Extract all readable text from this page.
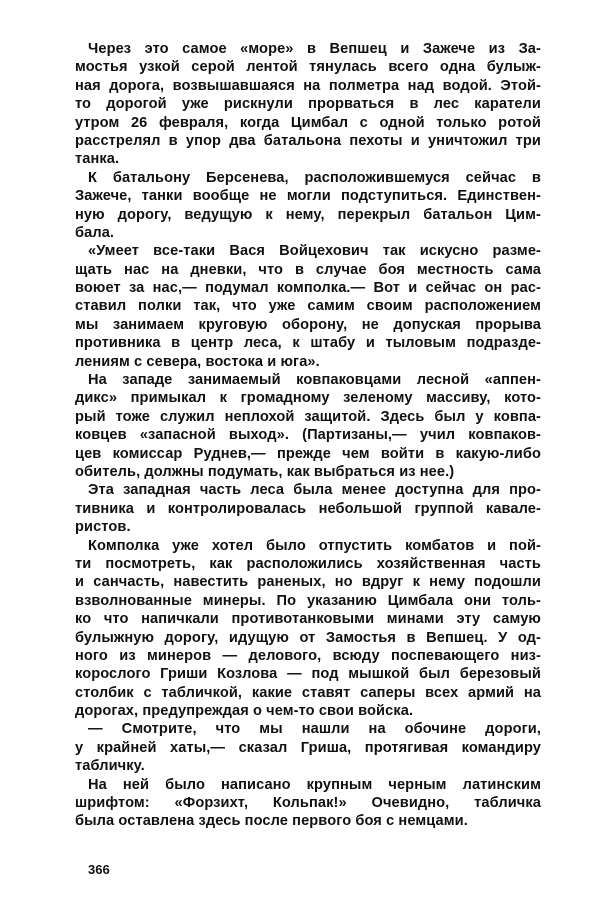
Через это самое «море» в Вепшец и Зажече из За-
мостья узкой серой лентой тянулась всего одна булыж-
ная дорога, возвышавшаяся на полметра над водой. Этой-
то дорогой уже рискнули прорваться в лес каратели
утром 26 февраля, когда Цимбал с одной только ротой
расстрелял в упор два батальона пехоты и уничтожил три
танка.
К батальону Берсенева, расположившемуся сейчас в
Зажече, танки вообще не могли подступиться. Единствен-
ную дорогу, ведущую к нему, перекрыл батальон Цим-
бала.
«Умеет все-таки Вася Войцехович так искусно разме-
щать нас на дневки, что в случае боя местность сама
воюет за нас,— подумал комполка.— Вот и сейчас он рас-
ставил полки так, что уже самим своим расположением
мы занимаем круговую оборону, не допуская прорыва
противника в центр леса, к штабу и тыловым подразде-
лениям с севера, востока и юга».
На западе занимаемый ковпаковцами лесной «аппен-
дикс» примыкал к громадному зеленому массиву, кото-
рый тоже служил неплохой защитой. Здесь был у ковпа-
ковцев «запасной выход». (Партизаны,— учил ковпаков-
цев комиссар Руднев,— прежде чем войти в какую-либо
обитель, должны подумать, как выбраться из нее.)
Эта западная часть леса была менее доступна для про-
тивника и контролировалась небольшой группой кавале-
ристов.
Комполка уже хотел было отпустить комбатов и пой-
ти посмотреть, как расположились хозяйственная часть
и санчасть, навестить раненых, но вдруг к нему подошли
взволнованные минеры. По указанию Цимбала они толь-
ко что напичкали противотанковыми минами эту самую
булыжную дорогу, идущую от Замостья в Вепшец. У од-
ного из минеров — делового, всюду поспевающего низ-
корослого Гриши Козлова — под мышкой был березовый
столбик с табличкой, какие ставят саперы всех армий на
дорогах, предупреждая о чем-то свои войска.
— Смотрите, что мы нашли на обочине дороги,
у крайней хаты,— сказал Гриша, протягивая командиру
табличку.
На ней было написано крупным черным латинским
шрифтом: «Форзихт, Кольпак!» Очевидно, табличка
была оставлена здесь после первого боя с немцами.
366
